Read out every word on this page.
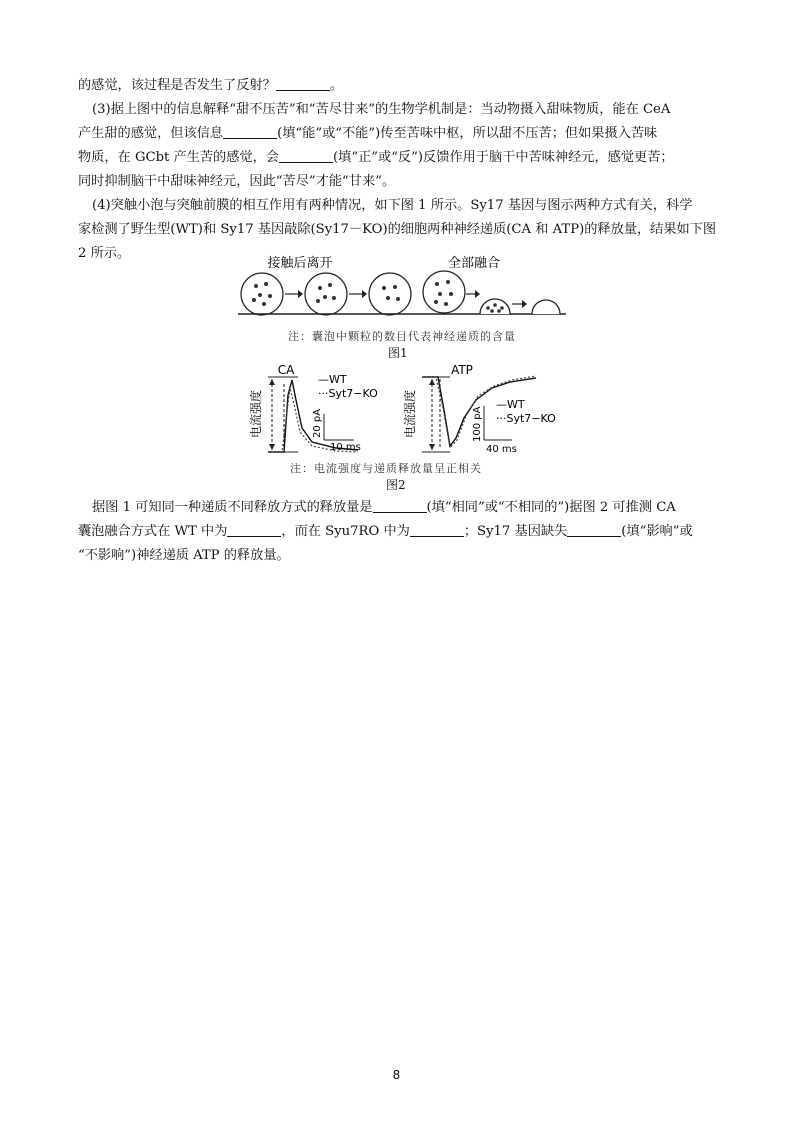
的感觉，该过程是否发生了反射？	。

(3)据上图中的信息解释“甜不压苦”和“苦尽甘来”的生物学机制是：当动物摄入甜味物质，能在 CeA
产生甜的感觉，但该信息	(填“能”或“不能”)传至苦味中枢，所以甜不压苦；但如果摄入苦味
物质，在 GCbt 产生苦的感觉，会	(填“正”或“反”)反馈作用于脑干中苦味神经元，感觉更苦；
同时抑制脑干中甜味神经元，因此“苦尽”才能“甘来”。

(4)突触小泡与突触前膜的相互作用有两种情况，如下图 1 所示。Sy17 基因与图示两种方式有关，科学
家检测了野生型(WT)和 Sy17 基因敲除(Sy17－KO)的细胞两种神经递质(CA 和 ATP)的释放量，结果如下图
2 所示。

接触后离开	全部融合
注：囊泡中颗粒的数目代表神经递质的含量
图1
CA
电流强度
—WT
···Syt7−KO
20 pA
10 ms
ATP
电流强度	—WT
···Syt7−KO
100 pA
40 ms
注：电流强度与递质释放量呈正相关
图2

据图 1 可知同一种递质不同释放方式的释放量是	(填“相同”或“不相同的”)据图 2 可推测 CA
囊泡融合方式在 WT 中为	，而在 Syu7RO 中为	；Sy17 基因缺失	(填“影响”或
“不影响”)神经递质 ATP 的释放量。

8
